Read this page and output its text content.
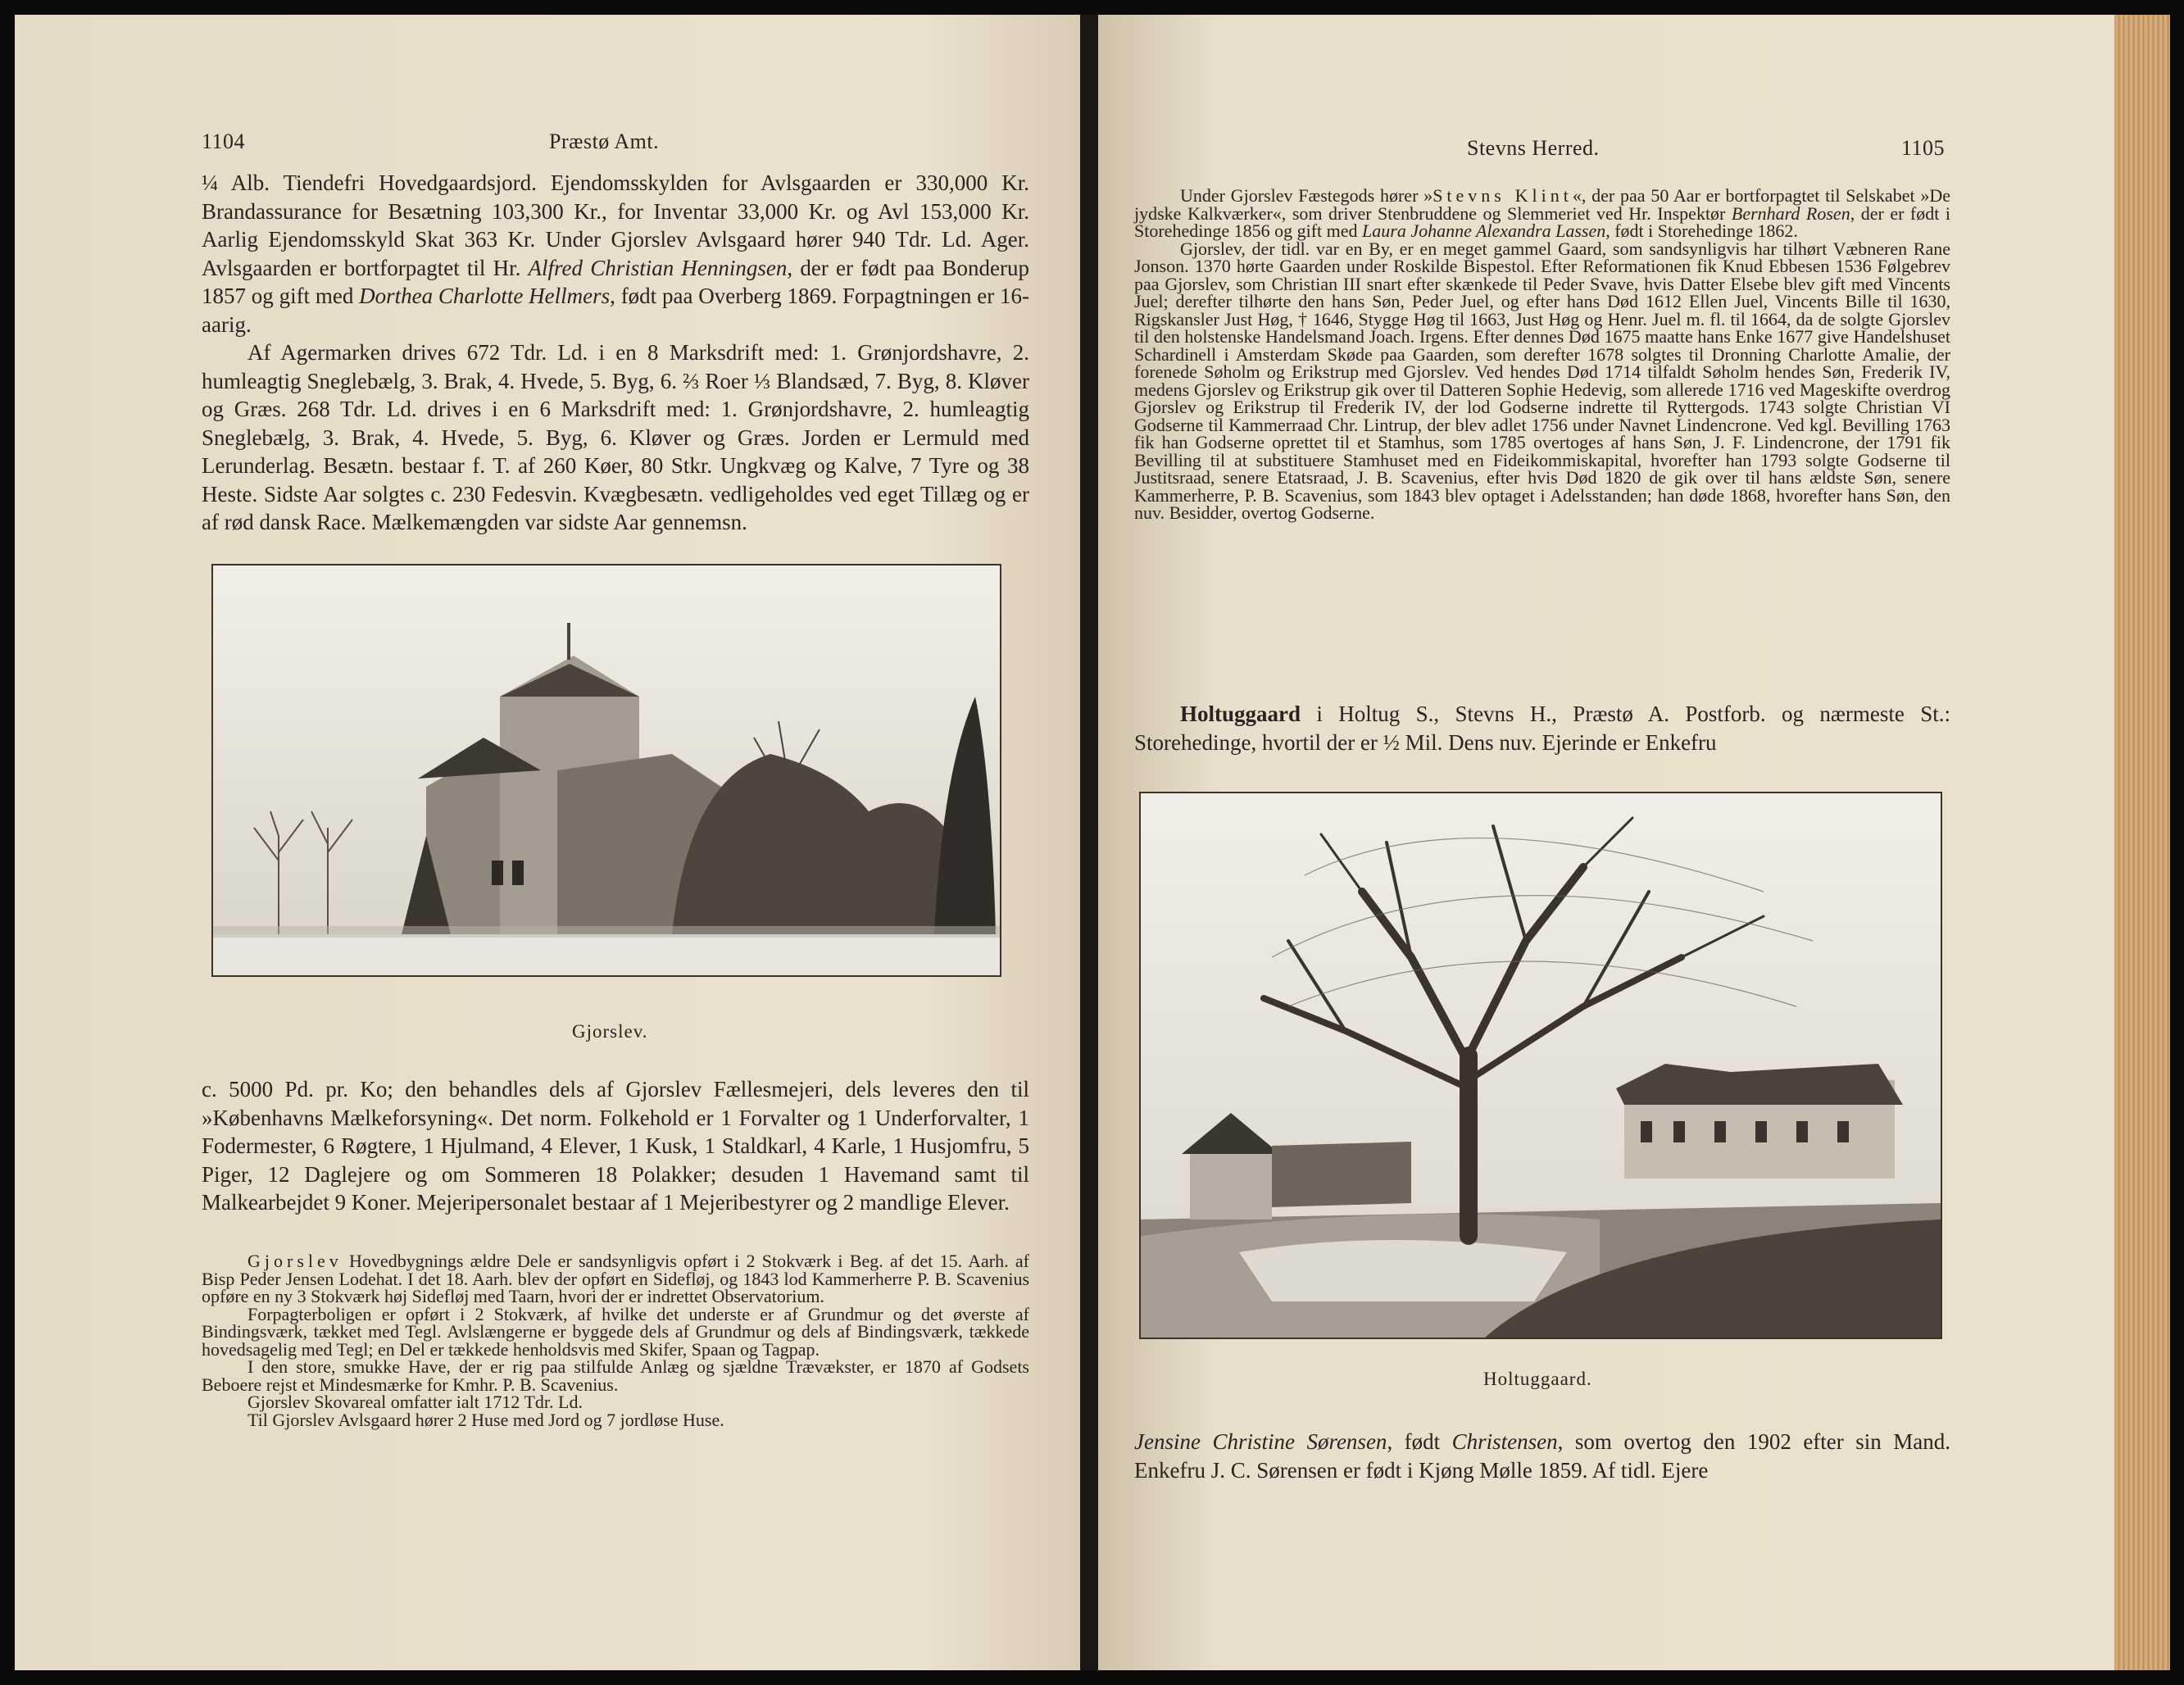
1104	Præstø Amt.

¼ Alb. Tiendefri Hovedgaardsjord. Ejendomsskylden for Avlsgaarden er 330,000 Kr. Brandassurance for Besætning 103,300 Kr., for Inventar 33,000 Kr. og Avl 153,000 Kr. Aarlig Ejendomsskyld Skat 363 Kr. Under Gjorslev Avlsgaard hører 940 Tdr. Ld. Ager. Avlsgaarden er bortforpagtet til Hr. Alfred Christian Henningsen, der er født paa Bonderup 1857 og gift med Dorthea Charlotte Hellmers, født paa Overberg 1869. Forpagtningen er 16-aarig.

Af Agermarken drives 672 Tdr. Ld. i en 8 Marksdrift med: 1. Grønjordshavre, 2. humleagtig Sneglebælg, 3. Brak, 4. Hvede, 5. Byg, 6. ⅔ Roer ⅓ Blandsæd, 7. Byg, 8. Kløver og Græs. 268 Tdr. Ld. drives i en 6 Marksdrift med: 1. Grønjordshavre, 2. humleagtig Sneglebælg, 3. Brak, 4. Hvede, 5. Byg, 6. Kløver og Græs. Jorden er Lermuld med Lerunderlag. Besætn. bestaar f. T. af 260 Køer, 80 Stkr. Ungkvæg og Kalve, 7 Tyre og 38 Heste. Sidste Aar solgtes c. 230 Fedesvin. Kvægbesætn. vedligeholdes ved eget Tillæg og er af rød dansk Race. Mælkemængden var sidste Aar gennemsn.

Gjorslev.
c. 5000 Pd. pr. Ko; den behandles dels af Gjorslev Fællesmejeri, dels leveres den til »Københavns Mælkeforsyning«. Det norm. Folkehold er 1 Forvalter og 1 Underforvalter, 1 Fodermester, 6 Røgtere, 1 Hjulmand, 4 Elever, 1 Kusk, 1 Staldkarl, 4 Karle, 1 Husjomfru, 5 Piger, 12 Daglejere og om Sommeren 18 Polakker; desuden 1 Havemand samt til Malkearbejdet 9 Koner. Mejeripersonalet bestaar af 1 Mejeribestyrer og 2 mandlige Elever.

Gjorslev Hovedbygnings ældre Dele er sandsynligvis opført i 2 Stokværk i Beg. af det 15. Aarh. af Bisp Peder Jensen Lodehat. I det 18. Aarh. blev der opført en Sidefløj, og 1843 lod Kammerherre P. B. Scavenius opføre en ny 3 Stokværk høj Sidefløj med Taarn, hvori der er indrettet Observatorium.

Forpagterboligen er opført i 2 Stokværk, af hvilke det underste er af Grundmur og det øverste af Bindingsværk, tækket med Tegl. Avlslængerne er byggede dels af Grundmur og dels af Bindingsværk, tækkede hovedsagelig med Tegl; en Del er tækkede henholdsvis med Skifer, Spaan og Tagpap.

I den store, smukke Have, der er rig paa stilfulde Anlæg og sjældne Trævækster, er 1870 af Godsets Beboere rejst et Mindesmærke for Kmhr. P. B. Scavenius.

Gjorslev Skovareal omfatter ialt 1712 Tdr. Ld.

Til Gjorslev Avlsgaard hører 2 Huse med Jord og 7 jordløse Huse.

Stevns Herred.	1105

Under Gjorslev Fæstegods hører »Stevns Klint«, der paa 50 Aar er bortforpagtet til Selskabet »De jydske Kalkværker«, som driver Stenbruddene og Slemmeriet ved Hr. Inspektør Bernhard Rosen, der er født i Storehedinge 1856 og gift med Laura Johanne Alexandra Lassen, født i Storehedinge 1862.

Gjorslev, der tidl. var en By, er en meget gammel Gaard, som sandsynligvis har tilhørt Væbneren Rane Jonson. 1370 hørte Gaarden under Roskilde Bispestol. Efter Reformationen fik Knud Ebbesen 1536 Følgebrev paa Gjorslev, som Christian III snart efter skænkede til Peder Svave, hvis Datter Elsebe blev gift med Vincents Juel; derefter tilhørte den hans Søn, Peder Juel, og efter hans Død 1612 Ellen Juel, Vincents Bille til 1630, Rigskansler Just Høg, † 1646, Stygge Høg til 1663, Just Høg og Henr. Juel m. fl. til 1664, da de solgte Gjorslev til den holstenske Handelsmand Joach. Irgens. Efter dennes Død 1675 maatte hans Enke 1677 give Handelshuset Schardinell i Amsterdam Skøde paa Gaarden, som derefter 1678 solgtes til Dronning Charlotte Amalie, der forenede Søholm og Erikstrup med Gjorslev. Ved hendes Død 1714 tilfaldt Søholm hendes Søn, Frederik IV, medens Gjorslev og Erikstrup gik over til Datteren Sophie Hedevig, som allerede 1716 ved Mageskifte overdrog Gjorslev og Erikstrup til Frederik IV, der lod Godserne indrette til Ryttergods. 1743 solgte Christian VI Godserne til Kammerraad Chr. Lintrup, der blev adlet 1756 under Navnet Lindencrone. Ved kgl. Bevilling 1763 fik han Godserne oprettet til et Stamhus, som 1785 overtoges af hans Søn, J. F. Lindencrone, der 1791 fik Bevilling til at substituere Stamhuset med en Fideikommiskapital, hvorefter han 1793 solgte Godserne til Justitsraad, senere Etatsraad, J. B. Scavenius, efter hvis Død 1820 de gik over til hans ældste Søn, senere Kammerherre, P. B. Scavenius, som 1843 blev optaget i Adelsstanden; han døde 1868, hvorefter hans Søn, den nuv. Besidder, overtog Godserne.

Holtuggaard i Holtug S., Stevns H., Præstø A. Postforb. og nærmeste St.: Storehedinge, hvortil der er ½ Mil. Dens nuv. Ejerinde er Enkefru

Holtuggaard.

Jensine Christine Sørensen, født Christensen, som overtog den 1902 efter sin Mand. Enkefru J. C. Sørensen er født i Kjøng Mølle 1859. Af tidl. Ejere
